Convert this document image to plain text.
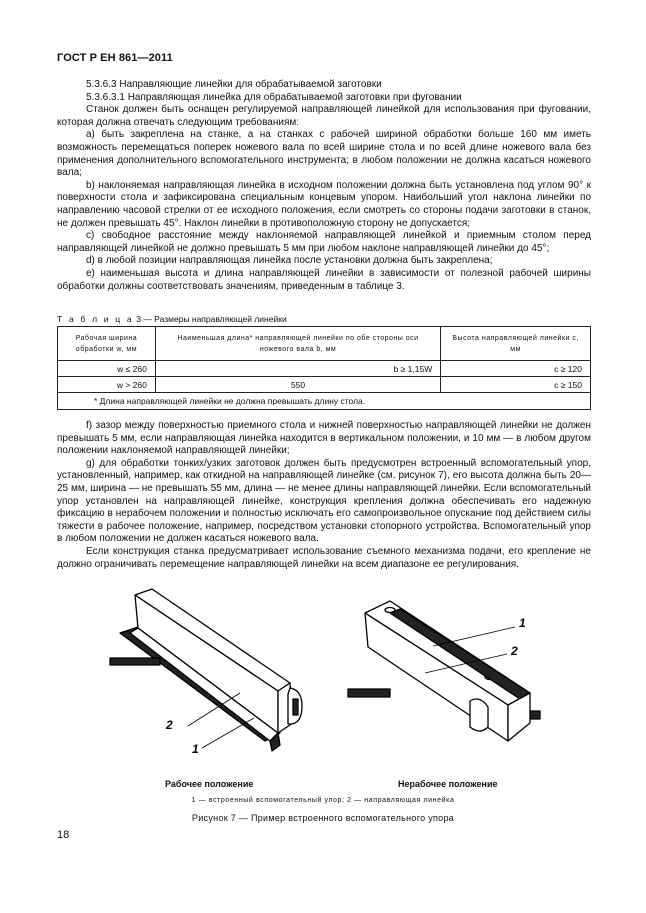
ГОСТ Р ЕН 861—2011

5.3.6.3 Направляющие линейки для обрабатываемой заготовки

5.3.6.3.1 Направляющая линейка для обрабатываемой заготовки при фуговании

Станок должен быть оснащен регулируемой направляющей линейкой для использования при фуговании, которая должна отвечать следующим требованиям:

a) быть закреплена на станке, а на станках с рабочей шириной обработки больше 160 мм иметь возможность перемещаться поперек ножевого вала по всей ширине стола и по всей длине ножевого вала без применения дополнительного вспомогательного инструмента; в любом положении не должна касаться ножевого вала;

b) наклоняемая направляющая линейка в исходном положении должна быть установлена под углом 90° к поверхности стола и зафиксирована специальным концевым упором. Наибольший угол наклона линейки по направлению часовой стрелки от ее исходного положения, если смотреть со стороны подачи заготовки в станок, не должен превышать 45°. Наклон линейки в противоположную сторону не допускается;

c) свободное расстояние между наклоняемой направляющей линейкой и приемным столом перед направляющей линейкой не должно превышать 5 мм при любом наклоне направляющей линейки до 45°;

d) в любой позиции направляющая линейка после установки должна быть закреплена;

e) наименьшая высота и длина направляющей линейки в зависимости от полезной рабочей ширины обработки должны соответствовать значениям, приведенным в таблице 3.

Т а б л и ц а 3 — Размеры направляющей линейки
Рабочая ширина обработки w, мм	Наименьшая длина* направляющей линейки по обе стороны оси ножевого вала b, мм	Высота направляющей линейки c, мм
w ≤ 260	b ≥ 1,15W	c ≥ 120
w > 260	550	c ≥ 150
* Длина направляющей линейки не должна превышать длину стола.		

f) зазор между поверхностью приемного стола и нижней поверхностью направляющей линейки не должен превышать 5 мм, если направляющая линейка находится в вертикальном положении, и 10 мм — в любом другом положении наклоняемой направляющей линейки;

g) для обработки тонких/узких заготовок должен быть предусмотрен встроенный вспомогательный упор, установленный, например, как откидной на направляющей линейке (см. рисунок 7), его высота должна быть 20—25 мм, ширина — не превышать 55 мм, длина — не менее длины направляющей линейки. Если вспомогательный упор установлен на направляющей линейке, конструкция крепления должна обеспечивать его надежную фиксацию в нерабочем положении и полностью исключать его самопроизвольное опускание под действием силы тяжести в рабочее положение, например, посредством установки стопорного устройства. Вспомогательный упор в любом положении не должен касаться ножевого вала.

Если конструкция станка предусматривает использование съемного механизма подачи, его крепление не должно ограничивать перемещение направляющей линейки на всем диапазоне ее регулирования.

2
1
1
2
Рабочее положение	Нерабочее положение
1 — встроенный вспомогательный упор; 2 — направляющая линейка
Рисунок 7 — Пример встроенного вспомогательного упора
18
